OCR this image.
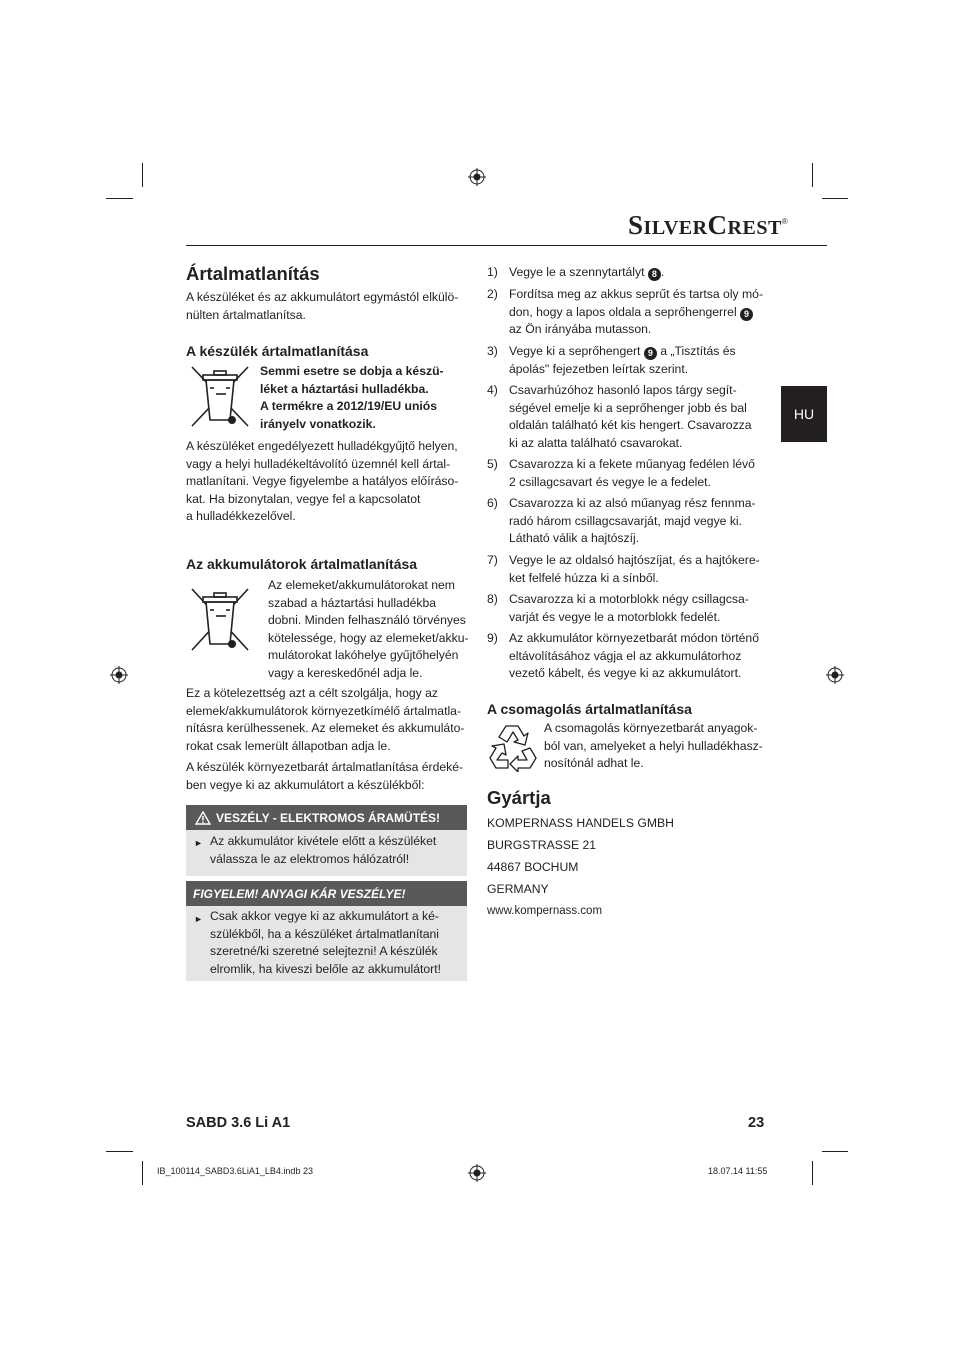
SILVERCREST®
HU
Ártalmatlanítás
A készüléket és az akkumulátort egymástól elkülö-
nülten ártalmatlanítsa.
A készülék ártalmatlanítása
Semmi esetre se dobja a készü-
léket a háztartási hulladékba.
A termékre a 2012/19/EU uniós
irányelv vonatkozik.
A készüléket engedélyezett hulladékgyűjtő helyen,
vagy a helyi hulladékeltávolító üzemnél kell ártal-
matlanítani. Vegye figyelembe a hatályos előíráso-
kat. Ha bizonytalan, vegye fel a kapcsolatot
a hulladékkezelővel.
Az akkumulátorok ártalmatlanítása
Az elemeket/akkumulátorokat nem
szabad a háztartási hulladékba
dobni. Minden felhasználó törvényes
kötelessége, hogy az elemeket/akku-
mulátorokat lakóhelye gyűjtőhelyén
vagy a kereskedőnél adja le.
Ez a kötelezettség azt a célt szolgálja, hogy az
elemek/akkumulátorok környezetkímélő ártalmatla-
nításra kerülhessenek. Az elemeket és akkumuláto-
rokat csak lemerült állapotban adja le.
A készülék környezetbarát ártalmatlanítása érdeké-
ben vegye ki az akkumulátort a készülékből:
VESZÉLY - ELEKTROMOS ÁRAMÜTÉS!
► Az akkumulátor kivétele előtt a készüléket
válassza le az elektromos hálózatról!
FIGYELEM! ANYAGI KÁR VESZÉLYE!
► Csak akkor vegye ki az akkumulátort a ké-
szülékből, ha a készüléket ártalmatlanítani
szeretné/ki szeretné selejtezni! A készülék
elromlik, ha kiveszi belőle az akkumulátort!
1) Vegye le a szennytartályt 8 .
2) Fordítsa meg az akkus seprűt és tartsa oly mó-
don, hogy a lapos oldala a seprőhengerrel 9
az Ön irányába mutasson.
3) Vegye ki a seprőhengert 9 a „Tisztítás és
ápolás" fejezetben leírtak szerint.
4) Csavarhúzóhoz hasonló lapos tárgy segít-
ségével emelje ki a seprőhenger jobb és bal
oldalán található két kis hengert. Csavarozza
ki az alatta található csavarokat.
5) Csavarozza ki a fekete műanyag fedélen lévő
2 csillagcsavart és vegye le a fedelet.
6) Csavarozza ki az alsó műanyag rész fennma-
radó három csillagcsavarját, majd vegye ki.
Látható válik a hajtószíj.
7) Vegye le az oldalsó hajtószíjat, és a hajtókere-
ket felfelé húzza ki a sínből.
8) Csavarozza ki a motorblokk négy csillagcsa-
varját és vegye le a motorblokk fedelét.
9) Az akkumulátor környezetbarát módon történő
eltávolításához vágja el az akkumulátorhoz
vezető kábelt, és vegye ki az akkumulátort.
A csomagolás ártalmatlanítása
A csomagolás környezetbarát anyagok-
ból van, amelyeket a helyi hulladékhasz-
nosítónál adhat le.
Gyártja
KOMPERNASS HANDELS GMBH
BURGSTRASSE 21
44867 BOCHUM
GERMANY
www.kompernass.com
SABD 3.6 Li A1	23
IB_100114_SABD3.6LiA1_LB4.indb 23	18.07.14 11:55
